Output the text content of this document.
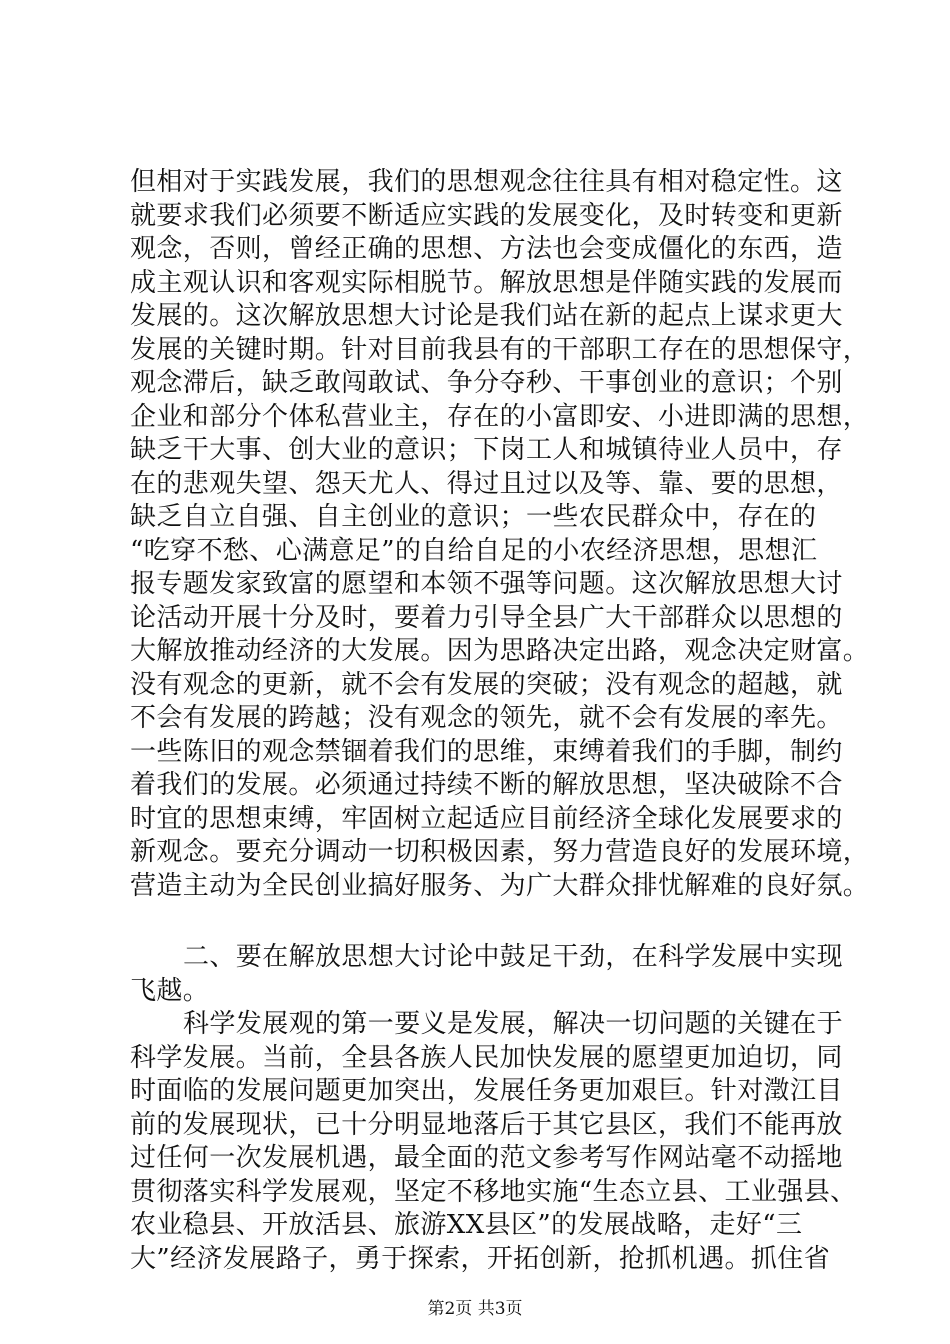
但相对于实践发展，我们的思想观念往往具有相对稳定性。这
就要求我们必须要不断适应实践的发展变化，及时转变和更新
观念，否则，曾经正确的思想、方法也会变成僵化的东西，造
成主观认识和客观实际相脱节。解放思想是伴随实践的发展而
发展的。这次解放思想大讨论是我们站在新的起点上谋求更大
发展的关键时期。针对目前我县有的干部职工存在的思想保守，
观念滞后，缺乏敢闯敢试、争分夺秒、干事创业的意识；个别
企业和部分个体私营业主，存在的小富即安、小进即满的思想，
缺乏干大事、创大业的意识；下岗工人和城镇待业人员中，存
在的悲观失望、怨天尤人、得过且过以及等、靠、要的思想，
缺乏自立自强、自主创业的意识；一些农民群众中，存在的
“吃穿不愁、心满意足”的自给自足的小农经济思想，思想汇
报专题发家致富的愿望和本领不强等问题。这次解放思想大讨
论活动开展十分及时，要着力引导全县广大干部群众以思想的
大解放推动经济的大发展。因为思路决定出路，观念决定财富。
没有观念的更新，就不会有发展的突破；没有观念的超越，就
不会有发展的跨越；没有观念的领先，就不会有发展的率先。
一些陈旧的观念禁锢着我们的思维，束缚着我们的手脚，制约
着我们的发展。必须通过持续不断的解放思想，坚决破除不合
时宜的思想束缚，牢固树立起适应目前经济全球化发展要求的
新观念。要充分调动一切积极因素，努力营造良好的发展环境，
营造主动为全民创业搞好服务、为广大群众排忧解难的良好氛。
二、要在解放思想大讨论中鼓足干劲，在科学发展中实现
飞越。
科学发展观的第一要义是发展，解决一切问题的关键在于
科学发展。当前，全县各族人民加快发展的愿望更加迫切，同
时面临的发展问题更加突出，发展任务更加艰巨。针对澂江目
前的发展现状，已十分明显地落后于其它县区，我们不能再放
过任何一次发展机遇，最全面的范文参考写作网站毫不动摇地
贯彻落实科学发展观，坚定不移地实施“生态立县、工业强县、
农业稳县、开放活县、旅游XX县区”的发展战略，走好“三
大”经济发展路子，勇于探索，开拓创新，抢抓机遇。抓住省
第2页 共3页
